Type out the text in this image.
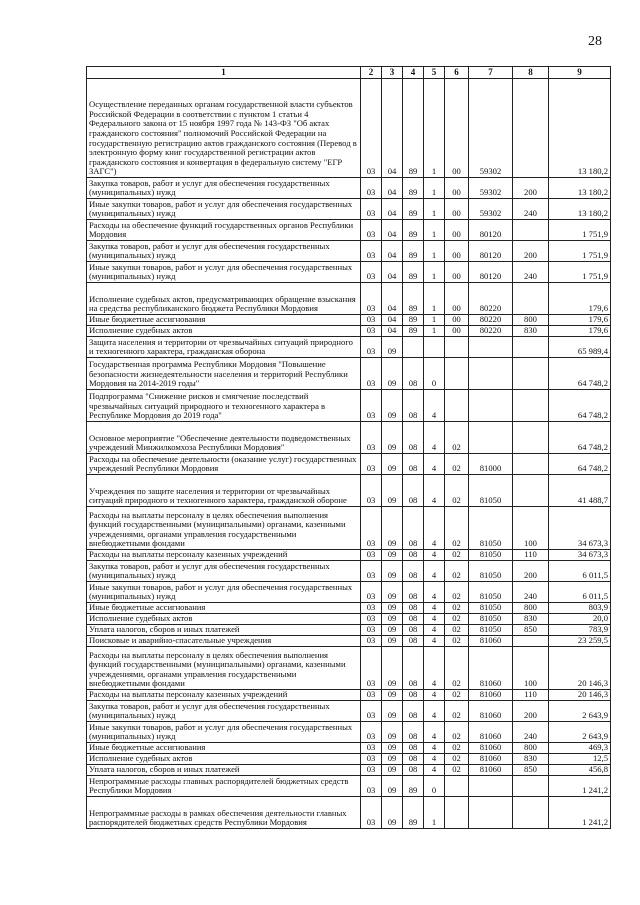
28
1	2	3	4	5	6	7	8	9
Осуществление переданных органам государственной власти субъектов Российской Федерации в соответствии с пунктом 1 статьи 4 Федерального закона от 15 ноября 1997 года № 143-ФЗ "Об актах гражданского состояния" полномочий Российской Федерации на государственную регистрацию актов гражданского состояния (Перевод в электронную форму книг государственной регистрации актов гражданского состояния и конвертация в федеральную систему "ЕГР ЗАГС")	03	04	89	1	00	59302		13 180,2
Закупка товаров, работ и услуг для обеспечения государственных (муниципальных) нужд	03	04	89	1	00	59302	200	13 180,2
Иные закупки товаров, работ и услуг для обеспечения государственных (муниципальных) нужд	03	04	89	1	00	59302	240	13 180,2
Расходы на обеспечение функций государственных органов Республики Мордовия	03	04	89	1	00	80120		1 751,9
Закупка товаров, работ и услуг для обеспечения государственных (муниципальных) нужд	03	04	89	1	00	80120	200	1 751,9
Иные закупки товаров, работ и услуг для обеспечения государственных (муниципальных) нужд	03	04	89	1	00	80120	240	1 751,9
Исполнение судебных актов, предусматривающих обращение взыскания на средства республиканского бюджета Республики Мордовия	03	04	89	1	00	80220		179,6
Иные бюджетные ассигнования	03	04	89	1	00	80220	800	179,6
Исполнение судебных актов	03	04	89	1	00	80220	830	179,6
Защита населения и территории от чрезвычайных ситуаций природного и техногенного характера, гражданская оборона	03	09						65 989,4
Государственная программа Республики Мордовия "Повышение безопасности жизнедеятельности населения и территорий Республики Мордовия на 2014-2019 годы"	03	09	08	0				64 748,2
Подпрограмма "Снижение рисков и смягчение последствий чрезвычайных ситуаций природного и техногенного характера в Республике Мордовия до 2019 года"	03	09	08	4				64 748,2
Основное мероприятие "Обеспечение деятельности подведомственных учреждений Минжилкомхоза Республики Мордовия"	03	09	08	4	02			64 748,2
Расходы на обеспечение деятельности (оказание услуг) государственных учреждений Республики Мордовия	03	09	08	4	02	81000		64 748,2
Учреждения по защите населения и территории от чрезвычайных ситуаций природного и техногенного характера, гражданской обороне	03	09	08	4	02	81050		41 488,7
Расходы на выплаты персоналу в целях обеспечения выполнения функций государственными (муниципальными) органами, казенными учреждениями, органами управления государственными внебюджетными фондами	03	09	08	4	02	81050	100	34 673,3
Расходы на выплаты персоналу казенных учреждений	03	09	08	4	02	81050	110	34 673,3
Закупка товаров, работ и услуг для обеспечения государственных (муниципальных) нужд	03	09	08	4	02	81050	200	6 011,5
Иные закупки товаров, работ и услуг для обеспечения государственных (муниципальных) нужд	03	09	08	4	02	81050	240	6 011,5
Иные бюджетные ассигнования	03	09	08	4	02	81050	800	803,9
Исполнение судебных актов	03	09	08	4	02	81050	830	20,0
Уплата налогов, сборов и иных платежей	03	09	08	4	02	81050	850	783,9
Поисковые и аварийно-спасательные учреждения	03	09	08	4	02	81060		23 259,5
Расходы на выплаты персоналу в целях обеспечения выполнения функций государственными (муниципальными) органами, казенными учреждениями, органами управления государственными внебюджетными фондами	03	09	08	4	02	81060	100	20 146,3
Расходы на выплаты персоналу казенных учреждений	03	09	08	4	02	81060	110	20 146,3
Закупка товаров, работ и услуг для обеспечения государственных (муниципальных) нужд	03	09	08	4	02	81060	200	2 643,9
Иные закупки товаров, работ и услуг для обеспечения государственных (муниципальных) нужд	03	09	08	4	02	81060	240	2 643,9
Иные бюджетные ассигнования	03	09	08	4	02	81060	800	469,3
Исполнение судебных актов	03	09	08	4	02	81060	830	12,5
Уплата налогов, сборов и иных платежей	03	09	08	4	02	81060	850	456,8
Непрограммные расходы главных распорядителей бюджетных средств Республики Мордовия	03	09	89	0				1 241,2
Непрограммные расходы в рамках обеспечения деятельности главных распорядителей бюджетных средств Республики Мордовия	03	09	89	1				1 241,2
